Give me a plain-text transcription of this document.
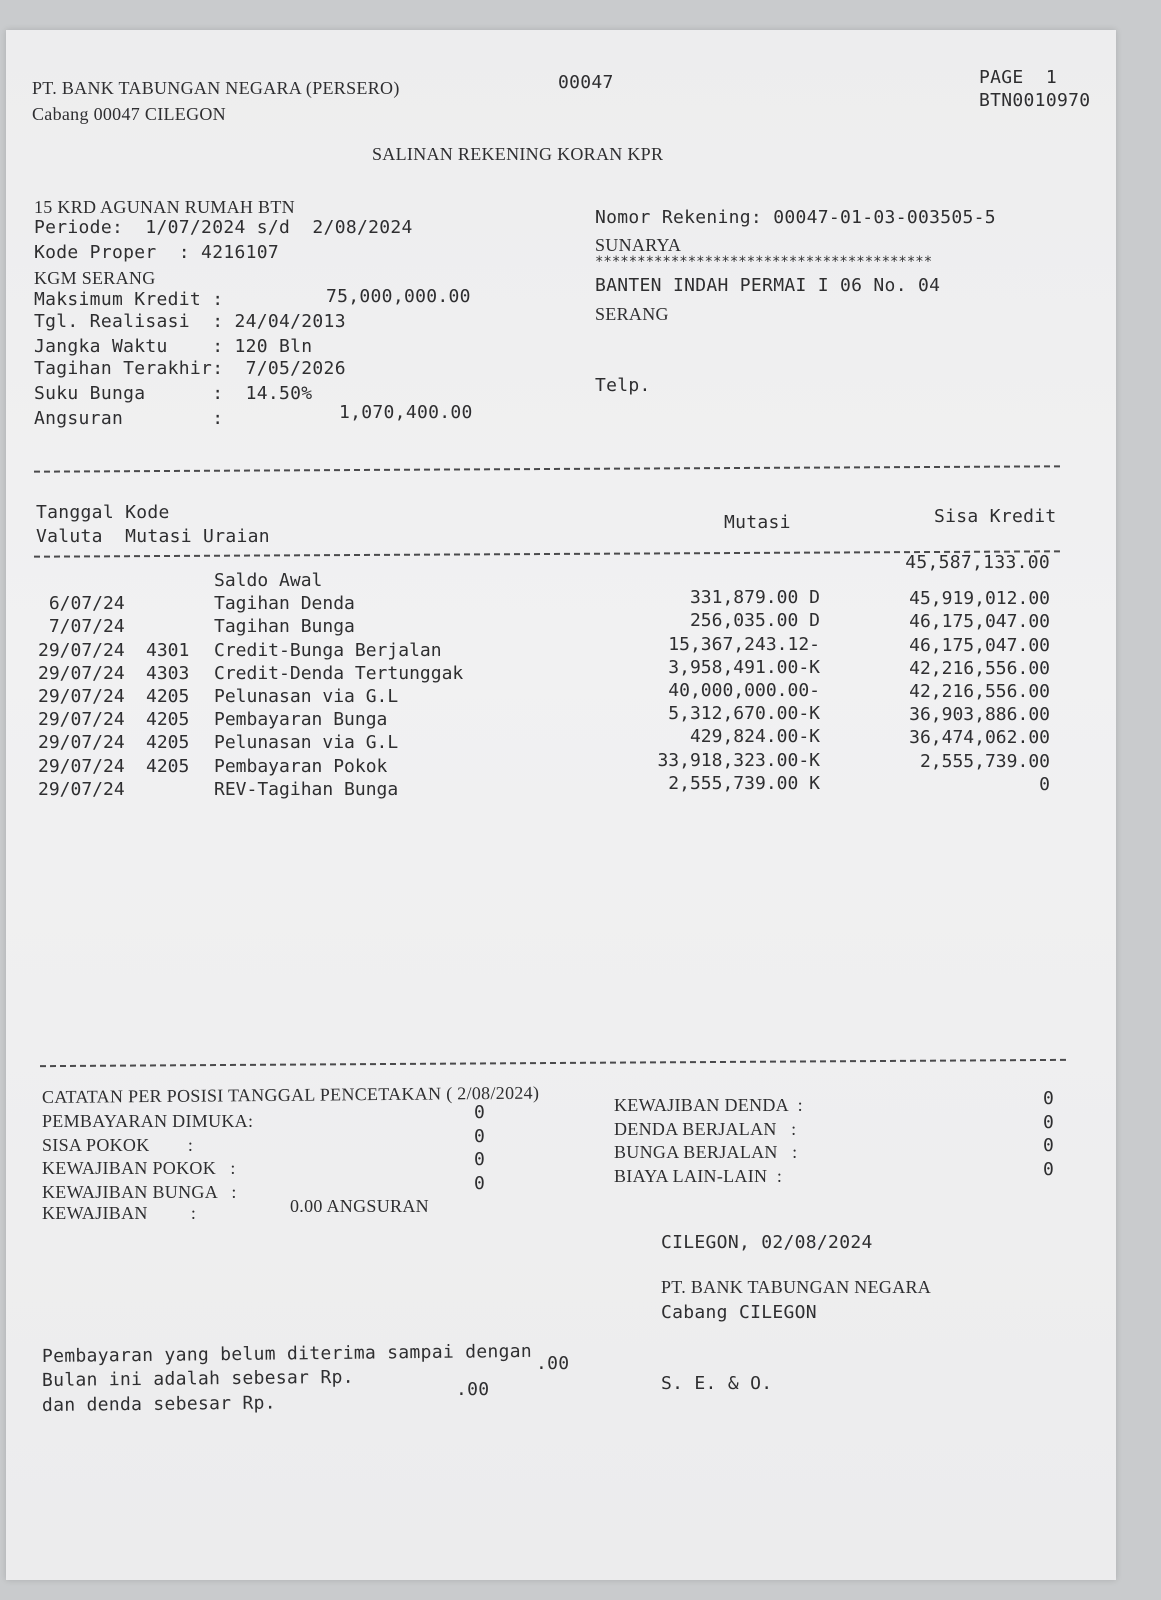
PT. BANK TABUNGAN NEGARA (PERSERO)
Cabang 00047 CILEGON
00047	PAGE  1
BTN0010970
SALINAN REKENING KORAN KPR
15 KRD AGUNAN RUMAH BTN
Periode:  1/07/2024 s/d  2/08/2024
Kode Proper  : 4216107
KGM SERANG
Maksimum Kredit :	75,000,000.00
Tgl. Realisasi  : 24/04/2013
Jangka Waktu    : 120 Bln
Tagihan Terakhir:  7/05/2026
Suku Bunga      :  14.50%
Angsuran        :	1,070,400.00
Nomor Rekening: 00047-01-03-003505-5
SUNARYA
****************************************
BANTEN INDAH PERMAI I 06 No. 04
SERANG
Telp.
Tanggal Kode
Valuta  Mutasi Uraian
Mutasi	Sisa Kredit
45,587,133.00
Saldo Awal
6/07/24	Tagihan Denda	331,879.00 D	45,919,012.00
7/07/24	Tagihan Bunga	256,035.00 D	46,175,047.00
29/07/24 4301 Credit-Bunga Berjalan	15,367,243.12-	46,175,047.00
29/07/24 4303 Credit-Denda Tertunggak	3,958,491.00-K	42,216,556.00
29/07/24 4205 Pelunasan via G.L	40,000,000.00-	42,216,556.00
29/07/24 4205 Pembayaran Bunga	5,312,670.00-K	36,903,886.00
29/07/24 4205 Pelunasan via G.L	429,824.00-K	36,474,062.00
29/07/24 4205 Pembayaran Pokok	33,918,323.00-K	2,555,739.00
29/07/24	REV-Tagihan Bunga	2,555,739.00 K	0
CATATAN PER POSISI TANGGAL PENCETAKAN ( 2/08/2024)
PEMBAYARAN DIMUKA:	0
SISA POKOK        :	0
KEWAJIBAN POKOK   :	0
KEWAJIBAN BUNGA   :	0
KEWAJIBAN         :	0.00 ANGSURAN
KEWAJIBAN DENDA  :	0
DENDA BERJALAN   :	0
BUNGA BERJALAN   :	0
BIAYA LAIN-LAIN  :	0
CILEGON, 02/08/2024
PT. BANK TABUNGAN NEGARA
Cabang CILEGON
Pembayaran yang belum diterima sampai dengan
Bulan ini adalah sebesar Rp.
.00
dan denda sebesar Rp.
.00	S. E. & O.
